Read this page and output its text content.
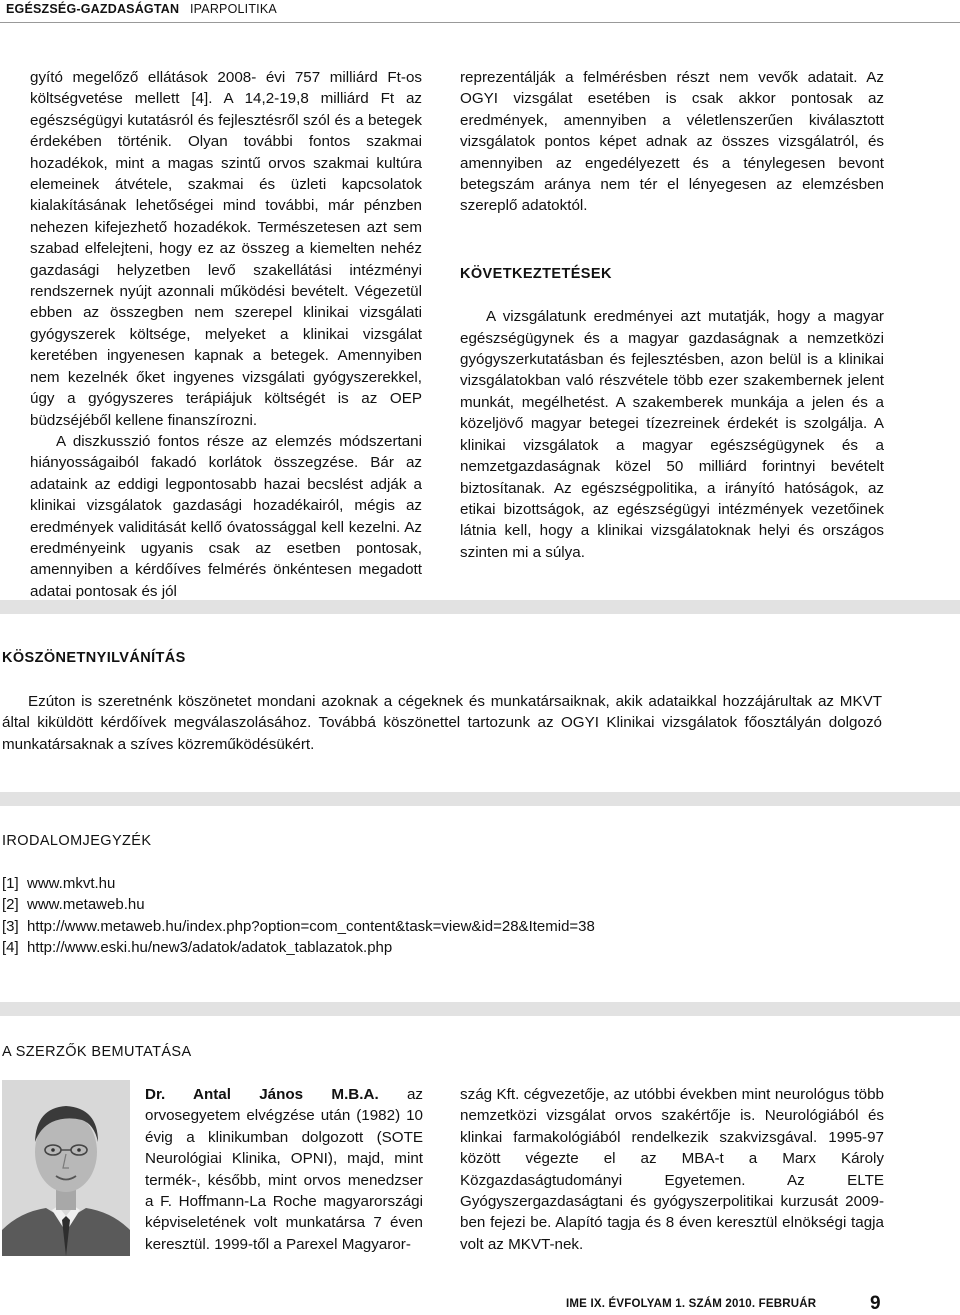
EGÉSZSÉG-GAZDASÁGTAN IPARPOLITIKA

gyító megelőző ellátások 2008- évi 757 milliárd Ft-os költségvetése mellett [4]. A 14,2-19,8 milliárd Ft az egészségügyi kutatásról és fejlesztésről szól és a betegek érdekében történik. Olyan további fontos szakmai hozadékok, mint a magas szintű orvos szakmai kultúra elemeinek átvétele, szakmai és üzleti kapcsolatok kialakításának lehetőségei mind további, már pénzben nehezen kifejezhető hozadékok. Természetesen azt sem szabad elfelejteni, hogy ez az összeg a kiemelten nehéz gazdasági helyzetben levő szakellátási intézményi rendszernek nyújt azonnali működési bevételt. Végezetül ebben az összegben nem szerepel klinikai vizsgálati gyógyszerek költsége, melyeket a klinikai vizsgálat keretében ingyenesen kapnak a betegek. Amennyiben nem kezelnék őket ingyenes vizsgálati gyógyszerekkel, úgy a gyógyszeres terápiájuk költségét is az OEP büdzséjéből kellene finanszírozni.

A diszkusszió fontos része az elemzés módszertani hiányosságaiból fakadó korlátok összegzése. Bár az adataink az eddigi legpontosabb hazai becslést adják a klinikai vizsgálatok gazdasági hozadékairól, mégis az eredmények validitását kellő óvatossággal kell kezelni. Az eredményeink ugyanis csak az esetben pontosak, amennyiben a kérdőíves felmérés önkéntesen megadott adatai pontosak és jól

reprezentálják a felmérésben részt nem vevők adatait. Az OGYI vizsgálat esetében is csak akkor pontosak az eredmények, amennyiben a véletlenszerűen kiválasztott vizsgálatok pontos képet adnak az összes vizsgálatról, és amennyiben az engedélyezett és a ténylegesen bevont betegszám aránya nem tér el lényegesen az elemzésben szereplő adatoktól.

KÖVETKEZTETÉSEK

A vizsgálatunk eredményei azt mutatják, hogy a magyar egészségügynek és a magyar gazdaságnak a nemzetközi gyógyszerkutatásban és fejlesztésben, azon belül is a klinikai vizsgálatokban való részvétele több ezer szakembernek jelent munkát, megélhetést. A szakemberek munkája a jelen és a közeljövő magyar betegei tízezreinek érdekét is szolgálja. A klinikai vizsgálatok a magyar egészségügynek és a nemzetgazdaságnak közel 50 milliárd forintnyi bevételt biztosítanak. Az egészségpolitika, a irányító hatóságok, az etikai bizottságok, az egészségügyi intézmények vezetőinek látnia kell, hogy a klinikai vizsgálatoknak helyi és országos szinten mi a súlya.

KÖSZÖNETNYILVÁNÍTÁS

Ezúton is szeretnénk köszönetet mondani azoknak a cégeknek és munkatársaiknak, akik adataikkal hozzájárultak az MKVT által kiküldött kérdőívek megválaszolásához. Továbbá köszönettel tartozunk az OGYI Klinikai vizsgálatok főosztályán dolgozó munkatársaknak a szíves közreműködésükért.

IRODALOMJEGYZÉK
[1] www.mkvt.hu
[2] www.metaweb.hu
[3] http://www.metaweb.hu/index.php?option=com_content&task=view&id=28&Itemid=38
[4] http://www.eski.hu/new3/adatok/adatok_tablazatok.php
A SZERZŐK BEMUTATÁSA

Dr. Antal János M.B.A. az orvosegyetem elvégzése után (1982) 10 évig a klinikumban dolgozott (SOTE Neurológiai Klinika, OPNI), majd, mint termék-, később, mint orvos menedzser a F. Hoffmann-La Roche magyarországi képviseletének volt munkatársa 7 éven keresztül. 1999-től a Parexel Magyaror-

szág Kft. cégvezetője, az utóbbi években mint neurológus több nemzetközi vizsgálat orvos szakértője is. Neurológiából és klinkai farmakológiából rendelkezik szakvizsgával. 1995-97 között végezte el az MBA-t a Marx Károly Közgazdaságtudományi Egyetemen. Az ELTE Gyógyszergazdaságtani és gyógyszerpolitikai kurzusát 2009-ben fejezi be. Alapító tagja és 8 éven keresztül elnökségi tagja volt az MKVT-nek.

IME IX. ÉVFOLYAM 1. SZÁM 2010. FEBRUÁR	9
